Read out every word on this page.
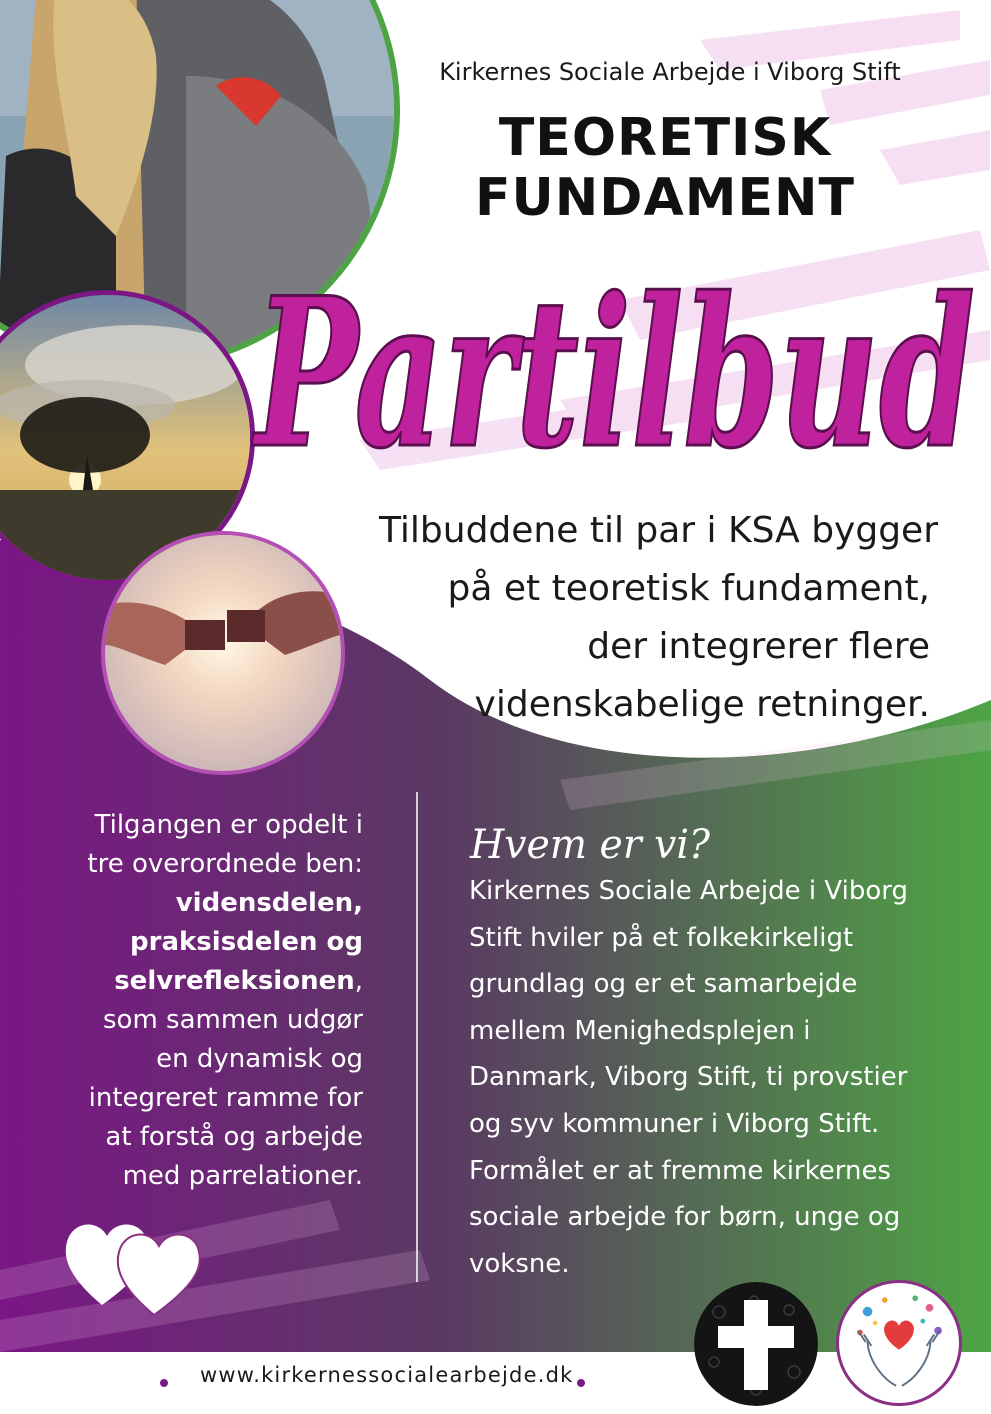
Kirkernes Sociale Arbejde i Viborg Stift
TEORETISK
FUNDAMENT
Partilbud
Tilbuddene til par i KSA bygger
på et teoretisk fundament,
der integrerer flere
videnskabelige retninger.
Tilgangen er opdelt i
tre overordnede ben:
vidensdelen,
praksisdelen og
selvrefleksionen,
som sammen udgør
en dynamisk og
integreret ramme for
at forstå og arbejde
med parrelationer.
Hvem er vi?
Kirkernes Sociale Arbejde i Viborg
Stift hviler på et folkekirkeligt
grundlag og er et samarbejde
mellem Menighedsplejen i
Danmark, Viborg Stift, ti provstier
og syv kommuner i Viborg Stift.
Formålet er at fremme kirkernes
sociale arbejde for børn, unge og
voksne.
www.kirkernessocialearbejde.dk
